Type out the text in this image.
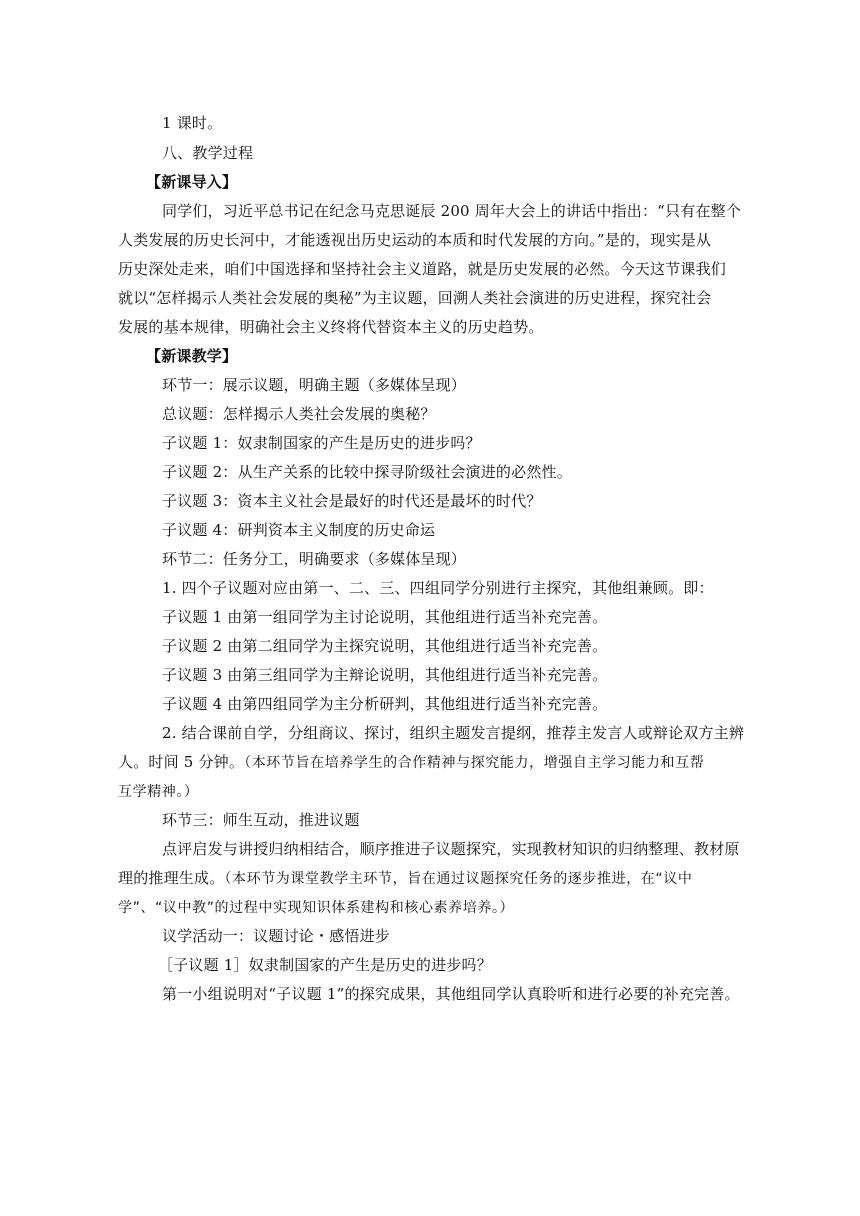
1 课时。
八、教学过程
【新课导入】
同学们，习近平总书记在纪念马克思诞辰 200 周年大会上的讲话中指出：“只有在整个
人类发展的历史长河中，才能透视出历史运动的本质和时代发展的方向。”是的，现实是从
历史深处走来，咱们中国选择和坚持社会主义道路，就是历史发展的必然。今天这节课我们
就以“怎样揭示人类社会发展的奥秘”为主议题，回溯人类社会演进的历史进程，探究社会
发展的基本规律，明确社会主义终将代替资本主义的历史趋势。
【新课教学】
环节一：展示议题，明确主题（多媒体呈现）
总议题：怎样揭示人类社会发展的奥秘？
子议题 1：奴隶制国家的产生是历史的进步吗？
子议题 2：从生产关系的比较中探寻阶级社会演进的必然性。
子议题 3：资本主义社会是最好的时代还是最坏的时代？
子议题 4：研判资本主义制度的历史命运
环节二：任务分工，明确要求（多媒体呈现）
1. 四个子议题对应由第一、二、三、四组同学分别进行主探究，其他组兼顾。即：
子议题 1 由第一组同学为主讨论说明，其他组进行适当补充完善。
子议题 2 由第二组同学为主探究说明，其他组进行适当补充完善。
子议题 3 由第三组同学为主辩论说明，其他组进行适当补充完善。
子议题 4 由第四组同学为主分析研判，其他组进行适当补充完善。
2. 结合课前自学，分组商议、探讨，组织主题发言提纲，推荐主发言人或辩论双方主辨
人。时间 5 分钟。（本环节旨在培养学生的合作精神与探究能力，增强自主学习能力和互帮
互学精神。）
环节三：师生互动，推进议题
点评启发与讲授归纳相结合，顺序推进子议题探究，实现教材知识的归纳整理、教材原
理的推理生成。（本环节为课堂教学主环节，旨在通过议题探究任务的逐步推进，在“议中
学”、“议中教”的过程中实现知识体系建构和核心素养培养。）
议学活动一：议题讨论・感悟进步
［子议题 1］奴隶制国家的产生是历史的进步吗？
第一小组说明对“子议题 1”的探究成果，其他组同学认真聆听和进行必要的补充完善。
